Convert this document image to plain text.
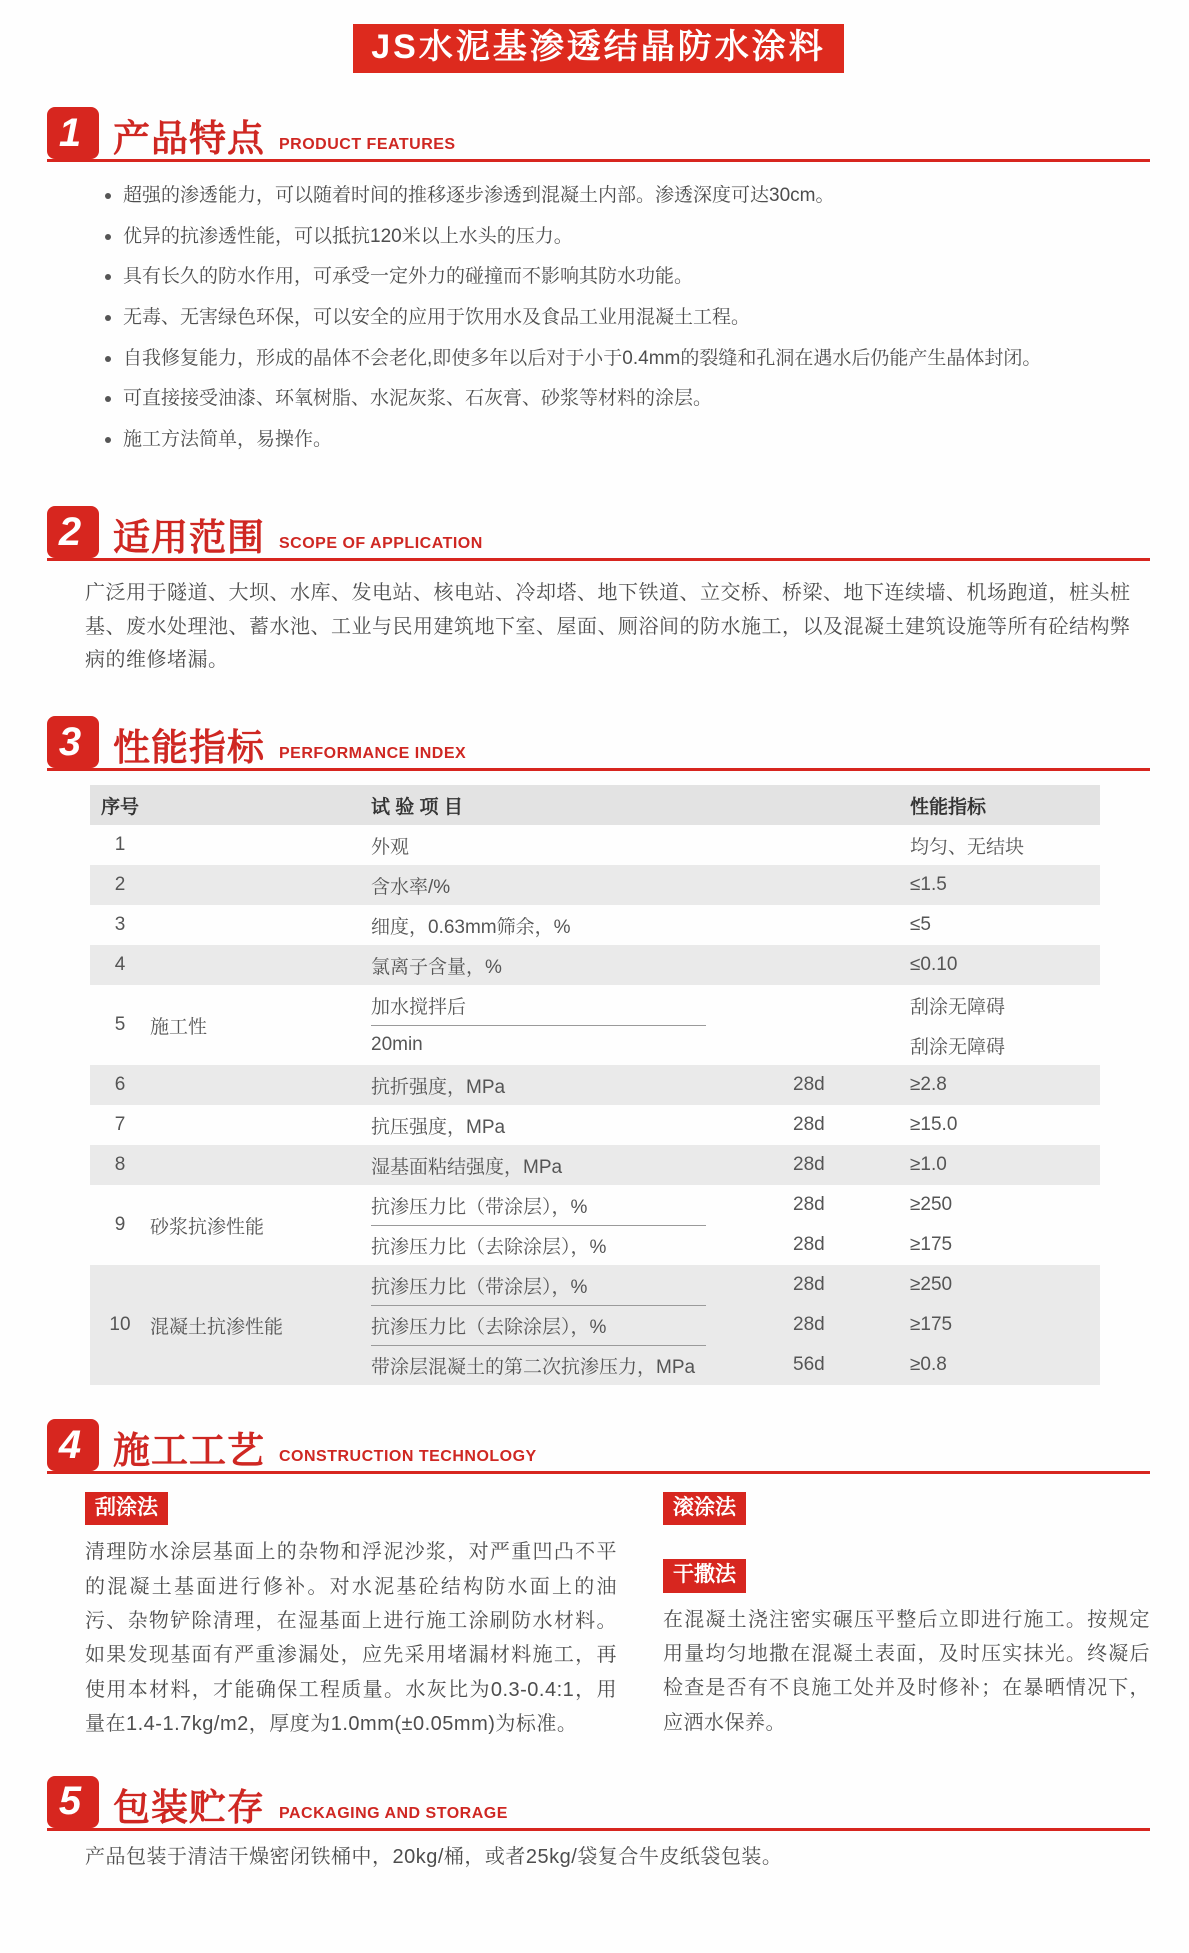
JS水泥基渗透结晶防水涂料
1 产品特点 PRODUCT FEATURES
超强的渗透能力，可以随着时间的推移逐步渗透到混凝土内部。渗透深度可达30cm。
优异的抗渗透性能，可以抵抗120米以上水头的压力。
具有长久的防水作用，可承受一定外力的碰撞而不影响其防水功能。
无毒、无害绿色环保，可以安全的应用于饮用水及食品工业用混凝土工程。
自我修复能力，形成的晶体不会老化,即使多年以后对于小于0.4mm的裂缝和孔洞在遇水后仍能产生晶体封闭。
可直接接受油漆、环氧树脂、水泥灰浆、石灰膏、砂浆等材料的涂层。
施工方法简单，易操作。
2 适用范围 SCOPE OF APPLICATION

广泛用于隧道、大坝、水库、发电站、核电站、冷却塔、地下铁道、立交桥、桥梁、地下连续墙、机场跑道，桩头桩基、废水处理池、蓄水池、工业与民用建筑地下室、屋面、厕浴间的防水施工，以及混凝土建筑设施等所有砼结构弊病的维修堵漏。

3 性能指标 PERFORMANCE INDEX
序号	试 验 项 目	性能指标
1	外观	均匀、无结块
2	含水率/%	≤1.5
3	细度，0.63mm筛余，%	≤5
4	氯离子含量，%	≤0.10
5	施工性
加水搅拌后	刮涂无障碍
20min	刮涂无障碍
6	抗折强度，MPa	28d	≥2.8
7	抗压强度，MPa	28d	≥15.0
8	湿基面粘结强度，MPa	28d	≥1.0
9	砂浆抗渗性能
抗渗压力比（带涂层），%	28d	≥250
抗渗压力比（去除涂层），%	28d	≥175
10	混凝土抗渗性能
抗渗压力比（带涂层），%	28d	≥250
抗渗压力比（去除涂层），%	28d	≥175
带涂层混凝土的第二次抗渗压力，MPa	56d	≥0.8
4 施工工艺 CONSTRUCTION TECHNOLOGY
刮涂法

清理防水涂层基面上的杂物和浮泥沙浆，对严重凹凸不平的混凝土基面进行修补。对水泥基砼结构防水面上的油污、杂物铲除清理，在湿基面上进行施工涂刷防水材料。如果发现基面有严重渗漏处，应先采用堵漏材料施工，再使用本材料，才能确保工程质量。水灰比为0.3-0.4:1，用量在1.4-1.7kg/m2，厚度为1.0mm(±0.05mm)为标准。

滚涂法
干撒法

在混凝土浇注密实碾压平整后立即进行施工。按规定用量均匀地撒在混凝土表面，及时压实抹光。终凝后检查是否有不良施工处并及时修补；在暴晒情况下，应洒水保养。

5 包装贮存 PACKAGING AND STORAGE

产品包装于清洁干燥密闭铁桶中，20kg/桶，或者25kg/袋复合牛皮纸袋包装。
